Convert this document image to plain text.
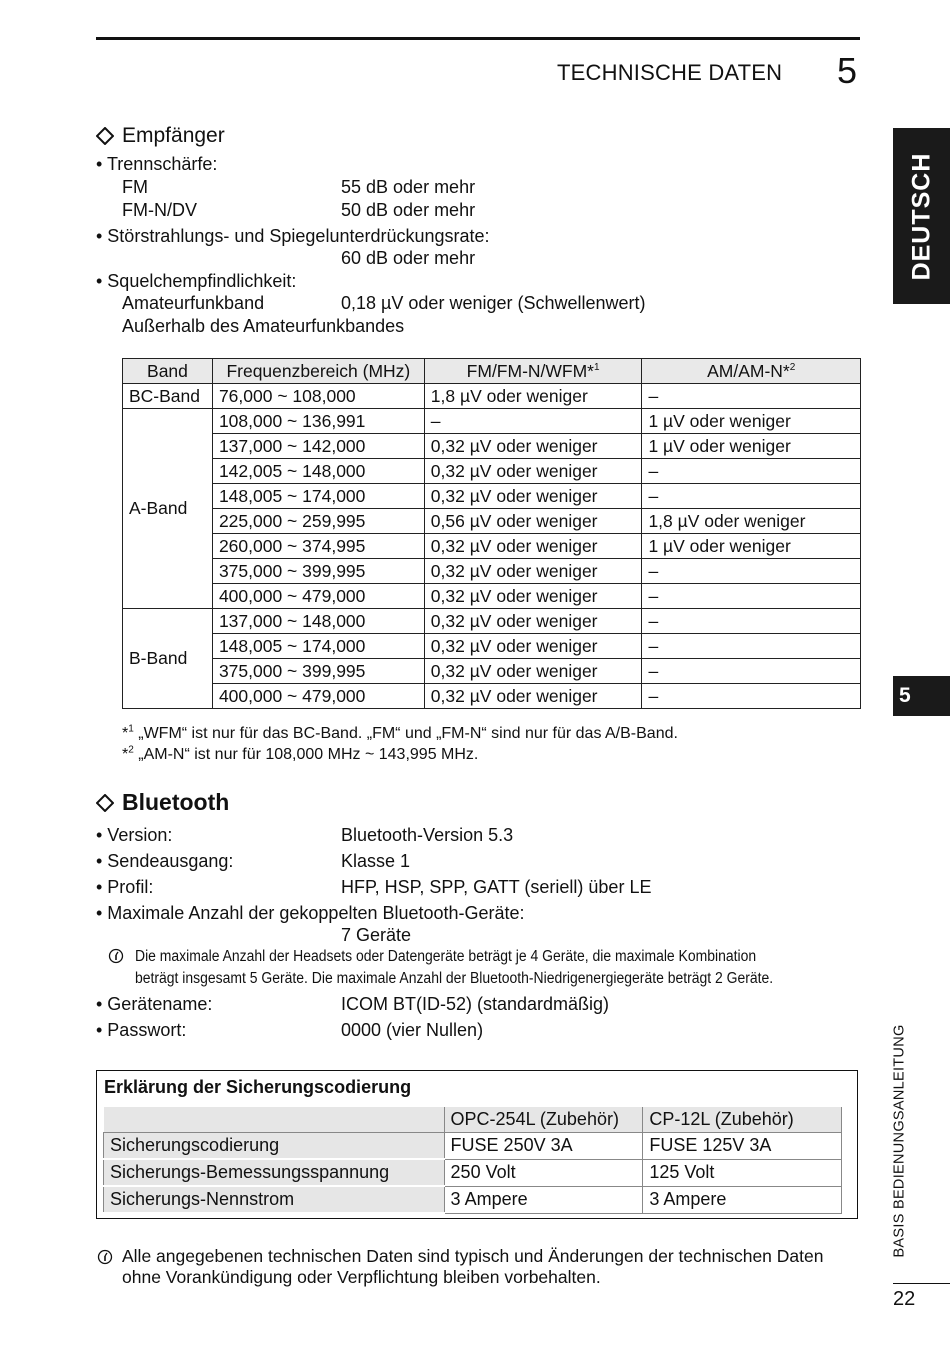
TECHNISCHE DATEN 5
DEUTSCH
5
BASIS BEDIENUNGSANLEITUNG
22
Empfänger
• Trennschärfe:
FM	55 dB oder mehr
FM-N/DV	50 dB oder mehr
• Störstrahlungs- und Spiegelunterdrückungsrate:
60 dB oder mehr
• Squelchempfindlichkeit:
Amateurfunkband	0,18 µV oder weniger (Schwellenwert)
Außerhalb des Amateurfunkbandes
Band	Frequenzbereich (MHz)	FM/FM-N/WFM*$^1$	AM/AM-N*$^2$
BC-Band	76,000 ~ 108,000	1,8 µV oder weniger	–
A-Band	108,000 ~ 136,991	–	1 µV oder weniger
	137,000 ~ 142,000	0,32 µV oder weniger	1 µV oder weniger
	142,005 ~ 148,000	0,32 µV oder weniger	–
	148,005 ~ 174,000	0,32 µV oder weniger	–
	225,000 ~ 259,995	0,56 µV oder weniger	1,8 µV oder weniger
	260,000 ~ 374,995	0,32 µV oder weniger	1 µV oder weniger
	375,000 ~ 399,995	0,32 µV oder weniger	–
	400,000 ~ 479,000	0,32 µV oder weniger	–
B-Band	137,000 ~ 148,000	0,32 µV oder weniger	–
	148,005 ~ 174,000	0,32 µV oder weniger	–
	375,000 ~ 399,995	0,32 µV oder weniger	–
	400,000 ~ 479,000	0,32 µV oder weniger	–
*$^1$ „WFM“ ist nur für das BC-Band. „FM“ und „FM-N“ sind nur für das A/B-Band.
*$^2$ „AM-N“ ist nur für 108,000 MHz ~ 143,995 MHz.
Bluetooth
• Version:	Bluetooth-Version 5.3
• Sendeausgang:	Klasse 1
• Profil:	HFP, HSP, SPP, GATT (seriell) über LE
• Maximale Anzahl der gekoppelten Bluetooth-Geräte:
7 Geräte
Die maximale Anzahl der Headsets oder Datengeräte beträgt je 4 Geräte, die maximale Kombination
beträgt insgesamt 5 Geräte. Die maximale Anzahl der Bluetooth-Niedrigenergiegeräte beträgt 2 Geräte.
• Gerätename:	ICOM BT(ID-52) (standardmäßig)
• Passwort:	0000 (vier Nullen)
Erklärung der Sicherungscodierung
	OPC-254L (Zubehör)	CP-12L (Zubehör)
Sicherungscodierung	FUSE 250V 3A	FUSE 125V 3A
Sicherungs-Bemessungsspannung	250 Volt	125 Volt
Sicherungs-Nennstrom	3 Ampere	3 Ampere
Alle angegebenen technischen Daten sind typisch und Änderungen der technischen Daten
ohne Vorankündigung oder Verpflichtung bleiben vorbehalten.
